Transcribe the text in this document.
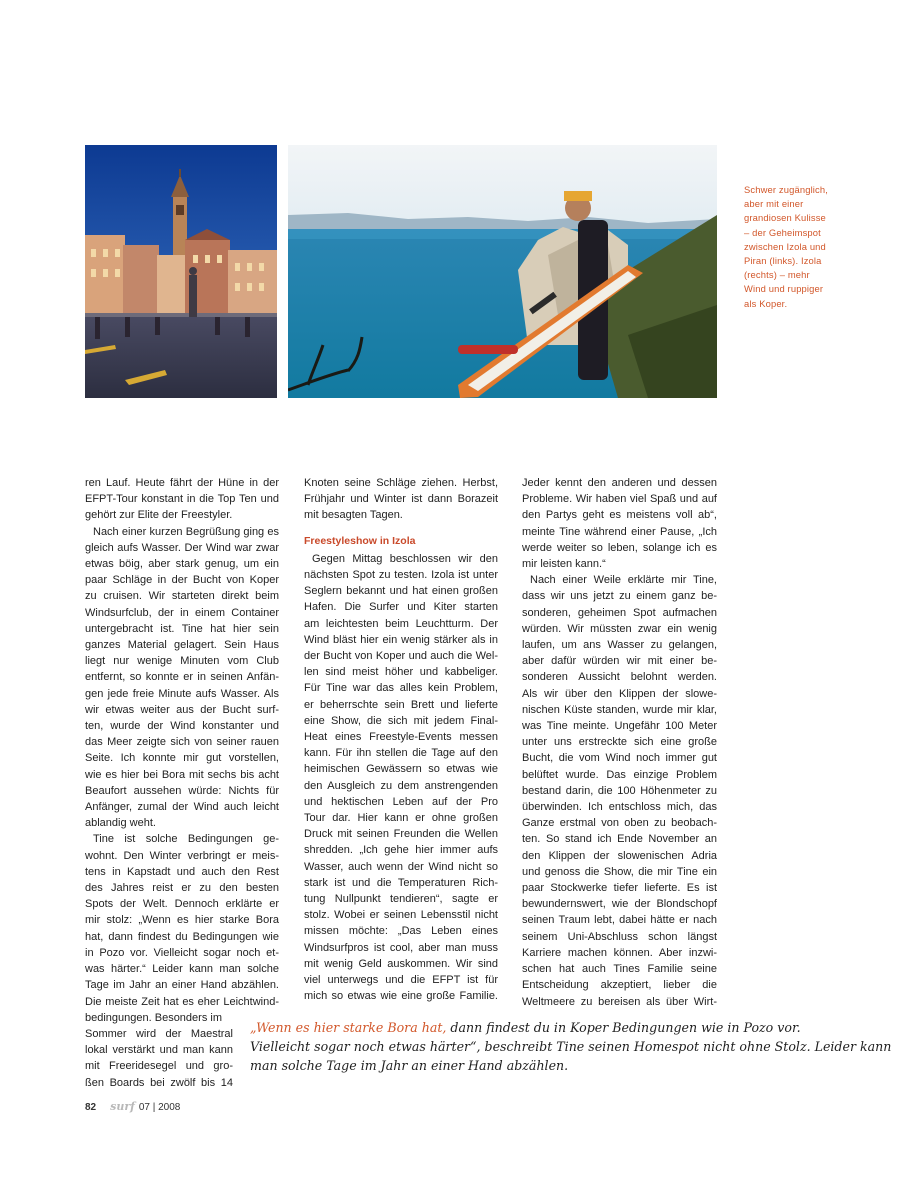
Schwer zugänglich,
aber mit einer
grandiosen Kulisse
– der Geheimspot
zwischen Izola und
Piran (links). Izola
(rechts) – mehr
Wind und ruppiger
als Koper.
ren Lauf. Heute fährt der Hüne in der
EFPT-Tour konstant in die Top Ten und
gehört zur Elite der Freestyler.
Nach einer kurzen Begrüßung ging es
gleich aufs Wasser. Der Wind war zwar
etwas böig, aber stark genug, um ein
paar Schläge in der Bucht von Koper
zu cruisen. Wir starteten direkt beim
Windsurfclub, der in einem Container
untergebracht ist. Tine hat hier sein
ganzes Material gelagert. Sein Haus
liegt nur wenige Minuten vom Club
entfernt, so konnte er in seinen Anfän-
gen jede freie Minute aufs Wasser. Als
wir etwas weiter aus der Bucht surf-
ten, wurde der Wind konstanter und
das Meer zeigte sich von seiner rauen
Seite. Ich konnte mir gut vorstellen,
wie es hier bei Bora mit sechs bis acht
Beaufort aussehen würde: Nichts für
Anfänger, zumal der Wind auch leicht
ablandig weht.
Tine ist solche Bedingungen ge-
wohnt. Den Winter verbringt er meis-
tens in Kapstadt und auch den Rest
des Jahres reist er zu den besten
Spots der Welt. Dennoch erklärte er
mir stolz: „Wenn es hier starke Bora
hat, dann findest du Bedingungen wie
in Pozo vor. Vielleicht sogar noch et-
was härter.“ Leider kann man solche
Tage im Jahr an einer Hand abzählen.
Die meiste Zeit hat es eher Leichtwind-
bedingungen. Besonders im
Sommer wird der Maestral
lokal verstärkt und man kann
mit Freeridesegel und gro-
ßen Boards bei zwölf bis 14
Knoten seine Schläge ziehen. Herbst,
Frühjahr und Winter ist dann Borazeit
mit besagten Tagen.
Freestyleshow in Izola
Gegen Mittag beschlossen wir den
nächsten Spot zu testen. Izola ist unter
Seglern bekannt und hat einen großen
Hafen. Die Surfer und Kiter starten
am leichtesten beim Leuchtturm. Der
Wind bläst hier ein wenig stärker als in
der Bucht von Koper und auch die Wel-
len sind meist höher und kabbeliger.
Für Tine war das alles kein Problem,
er beherrschte sein Brett und lieferte
eine Show, die sich mit jedem Final-
Heat eines Freestyle-Events messen
kann. Für ihn stellen die Tage auf den
heimischen Gewässern so etwas wie
den Ausgleich zu dem anstrengenden
und hektischen Leben auf der Pro
Tour dar. Hier kann er ohne großen
Druck mit seinen Freunden die Wellen
shredden. „Ich gehe hier immer aufs
Wasser, auch wenn der Wind nicht so
stark ist und die Temperaturen Rich-
tung Nullpunkt tendieren“, sagte er
stolz. Wobei er seinen Lebensstil nicht
missen möchte: „Das Leben eines
Windsurfpros ist cool, aber man muss
mit wenig Geld auskommen. Wir sind
viel unterwegs und die EFPT ist für
mich so etwas wie eine große Familie.
Jeder kennt den anderen und dessen
Probleme. Wir haben viel Spaß und auf
den Partys geht es meistens voll ab“,
meinte Tine während einer Pause, „Ich
werde weiter so leben, solange ich es
mir leisten kann.“
Nach einer Weile erklärte mir Tine,
dass wir uns jetzt zu einem ganz be-
sonderen, geheimen Spot aufmachen
würden. Wir müssten zwar ein wenig
laufen, um ans Wasser zu gelangen,
aber dafür würden wir mit einer be-
sonderen Aussicht belohnt werden.
Als wir über den Klippen der slowe-
nischen Küste standen, wurde mir klar,
was Tine meinte. Ungefähr 100 Meter
unter uns erstreckte sich eine große
Bucht, die vom Wind noch immer gut
belüftet wurde. Das einzige Problem
bestand darin, die 100 Höhenmeter zu
überwinden. Ich entschloss mich, das
Ganze erstmal von oben zu beobach-
ten. So stand ich Ende November an
den Klippen der slowenischen Adria
und genoss die Show, die mir Tine ein
paar Stockwerke tiefer lieferte. Es ist
bewundernswert, wie der Blondschopf
seinen Traum lebt, dabei hätte er nach
seinem Uni-Abschluss schon längst
Karriere machen können. Aber inzwi-
schen hat auch Tines Familie seine
Entscheidung akzeptiert, lieber die
Weltmeere zu bereisen als über Wirt-
„Wenn es hier starke Bora hat, dann findest du in Koper Bedingungen wie in Pozo vor.
Vielleicht sogar noch etwas härter“, beschreibt Tine seinen Homespot nicht ohne Stolz. Leider kann
man solche Tage im Jahr an einer Hand abzählen.
82 surf 07 | 2008
